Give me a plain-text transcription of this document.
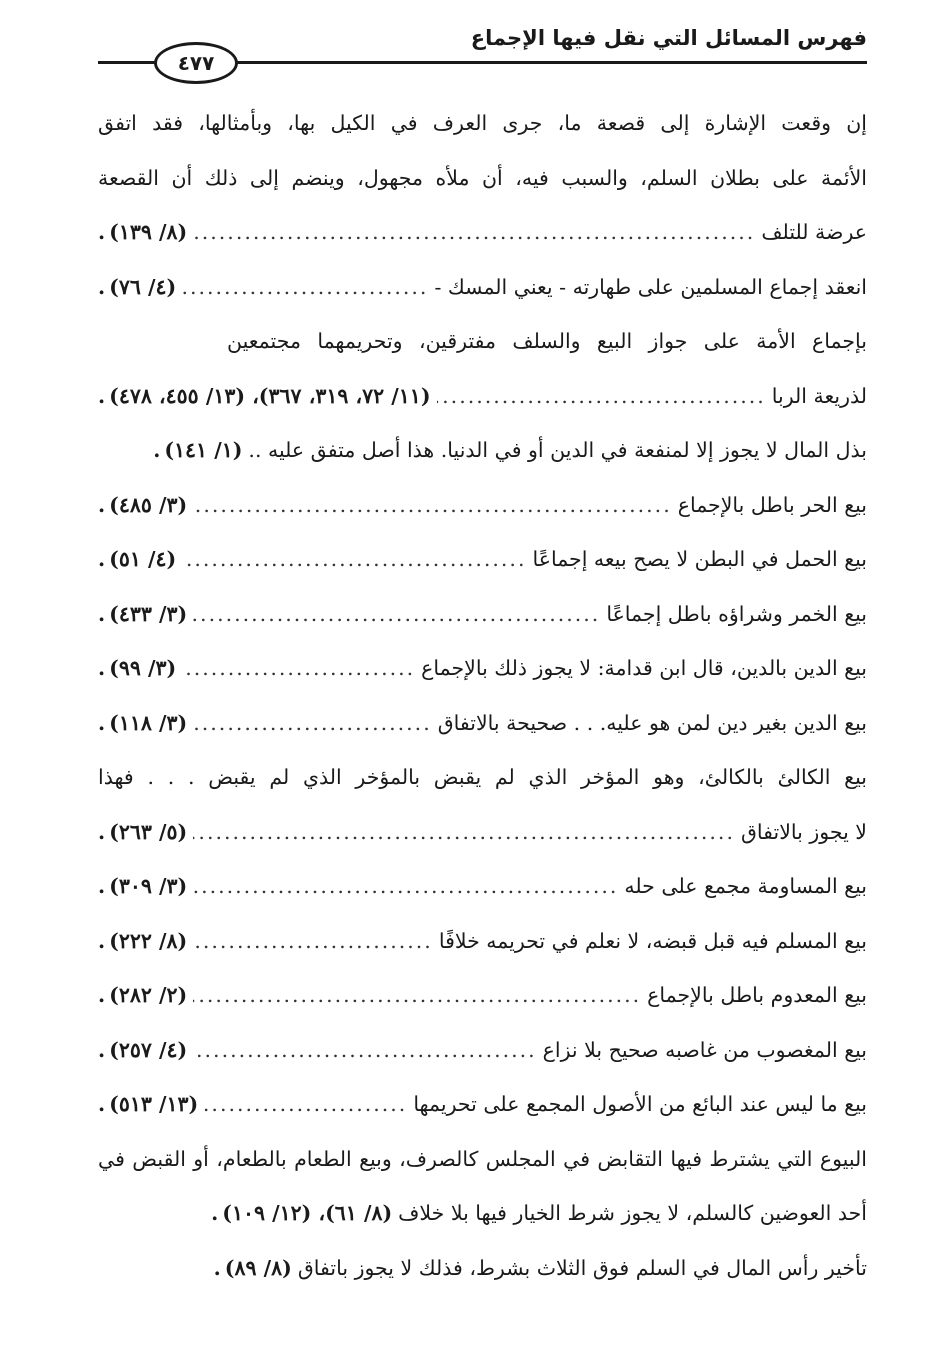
فهرس المسائل التي نقل فيها الإجماع
٤٧٧
إن وقعت الإشارة إلى قصعة ما، جرى العرف في الكيل بها، وبأمثالها، فقد اتفق
الأئمة على بطلان السلم، والسبب فيه، أن ملأه مجهول، وينضم إلى ذلك أن القصعة
عرضة للتلف
.....
(٨/ ١٣٩)
.
انعقد إجماع المسلمين على طهارته - يعني المسك -
.....
(٤/ ٧٦)
.
بإجماع الأمة على جواز البيع والسلف مفترقين، وتحريمهما مجتمعين
لذريعة الربا
.....
(١١/ ٧٢، ٣١٩، ٣٦٧)، (١٣/ ٤٥٥، ٤٧٨)
.
بذل المال لا يجوز إلا لمنفعة في الدين أو في الدنيا. هذا أصل متفق عليه ..
(١/ ١٤١)
.
بيع الحر باطل بالإجماع
.....
(٣/ ٤٨٥)
.
بيع الحمل في البطن لا يصح بيعه إجماعًا
.....
(٤/ ٥١)
.
بيع الخمر وشراؤه باطل إجماعًا
.....
(٣/ ٤٣٣)
.
بيع الدين بالدين، قال ابن قدامة: لا يجوز ذلك بالإجماع
.....
(٣/ ٩٩)
.
بيع الدين بغير دين لمن هو عليه. . . صحيحة بالاتفاق
.....
(٣/ ١١٨)
.
بيع الكالئ بالكالئ، وهو المؤخر الذي لم يقبض بالمؤخر الذي لم يقبض . . . فهذا
لا يجوز بالاتفاق
.....
(٥/ ٢٦٣)
.
بيع المساومة مجمع على حله
.....
(٣/ ٣٠٩)
.
بيع المسلم فيه قبل قبضه، لا نعلم في تحريمه خلافًا
.....
(٨/ ٢٢٢)
.
بيع المعدوم باطل بالإجماع
.....
(٢/ ٢٨٢)
.
بيع المغصوب من غاصبه صحيح بلا نزاع
.....
(٤/ ٢٥٧)
.
بيع ما ليس عند البائع من الأصول المجمع على تحريمها
.....
(١٣/ ٥١٣)
.
البيوع التي يشترط فيها التقابض في المجلس كالصرف، وبيع الطعام بالطعام، أو القبض في
أحد العوضين كالسلم، لا يجوز شرط الخيار فيها بلا خلاف
(٨/ ٦١)، (١٢/ ١٠٩)
.
تأخير رأس المال في السلم فوق الثلاث بشرط، فذلك لا يجوز باتفاق
(٨/ ٨٩)
.
